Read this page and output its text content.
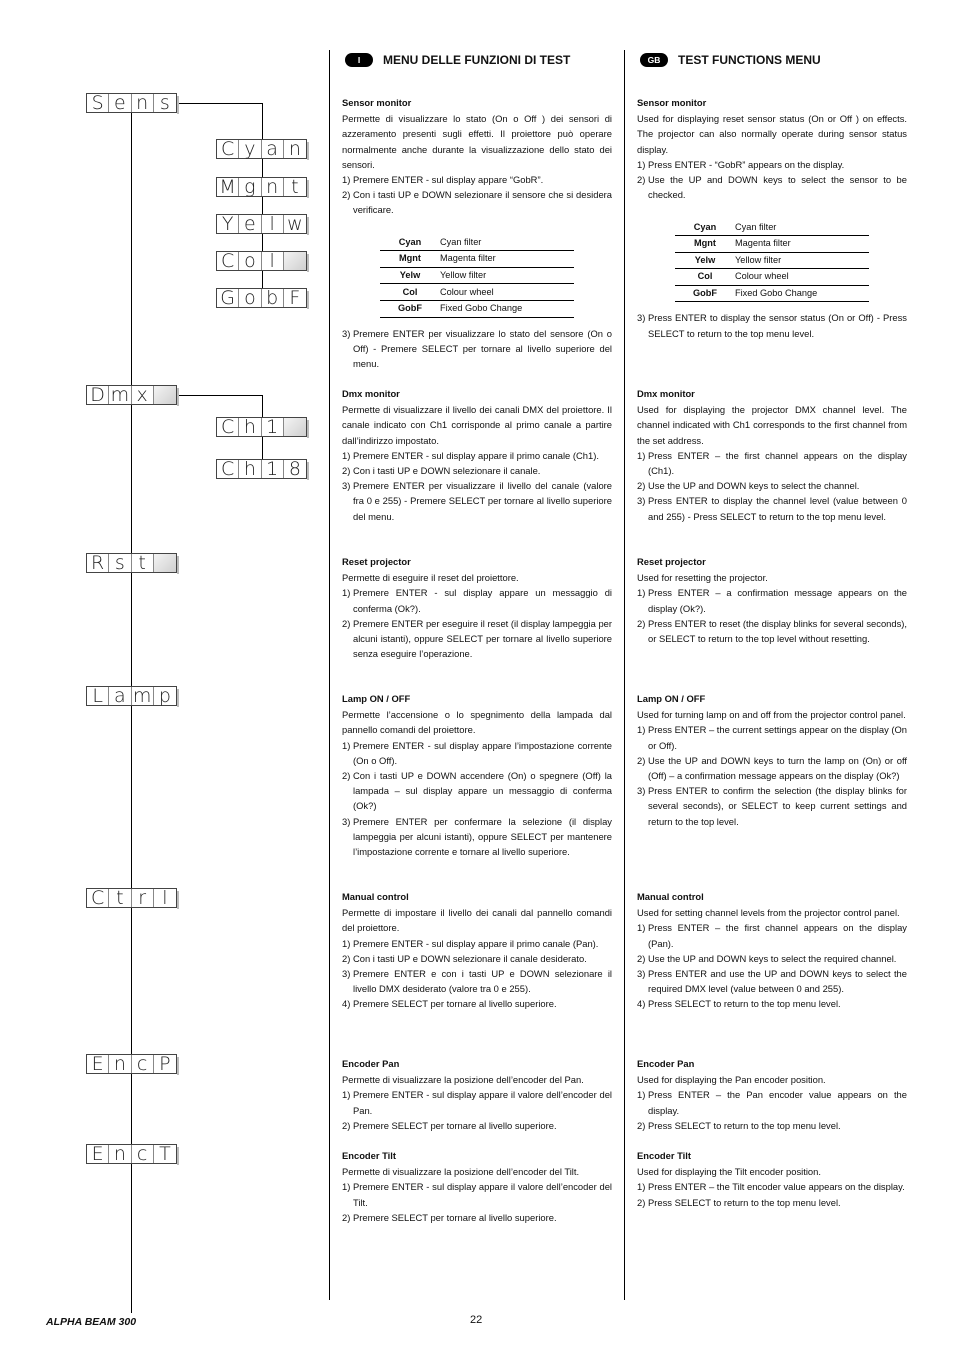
S e n s
C y a n
M g n t
Y e l w
C o l
G o b F
D m x
C h 1
C h 1 8
R s t
L a m p
C t r l
E n c P
E n c T
I	MENU DELLE FUNZIONI DI TEST
Sensor monitor

Permette di visualizzare lo stato (On o Off ) dei sensori di azzeramento presenti sugli effetti. Il proiettore può operare normalmente anche durante la visualizzazione dello stato dei sensori.

1) Premere ENTER - sul display appare “GobR”.
2) Con i tasti UP e DOWN selezionare il sensore che si desidera verificare.
Cyan	Cyan filter
Mgnt	Magenta filter
Yelw	Yellow filter
Col	Colour wheel
GobF	Fixed Gobo Change
3) Premere ENTER per visualizzare lo stato del sensore (On o Off) - Premere SELECT per tornare al livello superiore del menu.
Dmx monitor

Permette di visualizzare il livello dei canali DMX del proiettore. Il canale indicato con Ch1 corrisponde al primo canale a partire dall’indirizzo impostato.

1) Premere ENTER - sul display appare il primo canale (Ch1).
2) Con i tasti UP e DOWN selezionare il canale.
3) Premere ENTER per visualizzare il livello del canale (valore fra 0 e 255) - Premere SELECT per tornare al livello superiore del menu.
Reset projector

Permette di eseguire il reset del proiettore.

1) Premere ENTER - sul display appare un messaggio di conferma (Ok?).
2) Premere ENTER per eseguire il reset (il display lampeggia per alcuni istanti), oppure SELECT per tornare al livello superiore senza eseguire l’operazione.
Lamp ON / OFF

Permette l’accensione o lo spegnimento della lampada dal pannello comandi del proiettore.

1) Premere ENTER - sul display appare l’impostazione corrente (On o Off).
2) Con i tasti UP e DOWN accendere (On) o spegnere (Off) la lampada – sul display appare un messaggio di conferma (Ok?)
3) Premere ENTER per confermare la selezione (il display lampeggia per alcuni istanti), oppure SELECT per mantenere l’impostazione corrente e tornare al livello superiore.
Manual control

Permette di impostare il livello dei canali dal pannello comandi del proiettore.

1) Premere ENTER - sul display appare il primo canale (Pan).
2) Con i tasti UP e DOWN selezionare il canale desiderato.
3) Premere ENTER e con i tasti UP e DOWN selezionare il livello DMX desiderato (valore tra 0 e 255).
4) Premere SELECT per tornare al livello superiore.
Encoder Pan

Permette di visualizzare la posizione dell’encoder del Pan.

1) Premere ENTER - sul display appare il valore dell’encoder del Pan.
2) Premere SELECT per tornare al livello superiore.
Encoder Tilt

Permette di visualizzare la posizione dell’encoder del Tilt.

1) Premere ENTER - sul display appare il valore dell’encoder del Tilt.
2) Premere SELECT per tornare al livello superiore.
GB	TEST FUNCTIONS MENU
Sensor monitor

Used for displaying reset sensor status (On or Off ) on effects. The projector can also normally operate during sensor status display.

1) Press ENTER - “GobR” appears on the display.
2) Use the UP and DOWN keys to select the sensor to be checked.
Cyan	Cyan filter
Mgnt	Magenta filter
Yelw	Yellow filter
Col	Colour wheel
GobF	Fixed Gobo Change
3) Press ENTER to display the sensor status (On or Off) - Press SELECT to return to the top menu level.
Dmx monitor

Used for displaying the projector DMX channel level. The channel indicated with Ch1 corresponds to the first channel from the set address.

1) Press ENTER – the first channel appears on the display (Ch1).
2) Use the UP and DOWN keys to select the channel.
3) Press ENTER to display the channel level (value between 0 and 255) - Press SELECT to return to the top menu level.
Reset projector

Used for resetting the projector.

1) Press ENTER – a confirmation message appears on the display (Ok?).
2) Press ENTER to reset (the display blinks for several seconds), or SELECT to return to the top level without resetting.
Lamp ON / OFF

Used for turning lamp on and off from the projector control panel.

1) Press ENTER – the current settings appear on the display (On or Off).
2) Use the UP and DOWN keys to turn the lamp on (On) or off (Off) – a confirmation message appears on the display (Ok?)
3) Press ENTER to confirm the selection (the display blinks for several seconds), or SELECT to keep current settings and return to the top level.
Manual control

Used for setting channel levels from the projector control panel.

1) Press ENTER – the first channel appears on the display (Pan).
2) Use the UP and DOWN keys to select the required channel.
3) Press ENTER and use the UP and DOWN keys to select the required DMX level (value between 0 and 255).
4) Press SELECT to return to the top menu level.
Encoder Pan

Used for displaying the Pan encoder position.

1) Press ENTER – the Pan encoder value appears on the display.
2) Press SELECT to return to the top menu level.
Encoder Tilt

Used for displaying the Tilt encoder position.

1) Press ENTER – the Tilt encoder value appears on the display.
2) Press SELECT to return to the top menu level.
ALPHA BEAM 300	22
